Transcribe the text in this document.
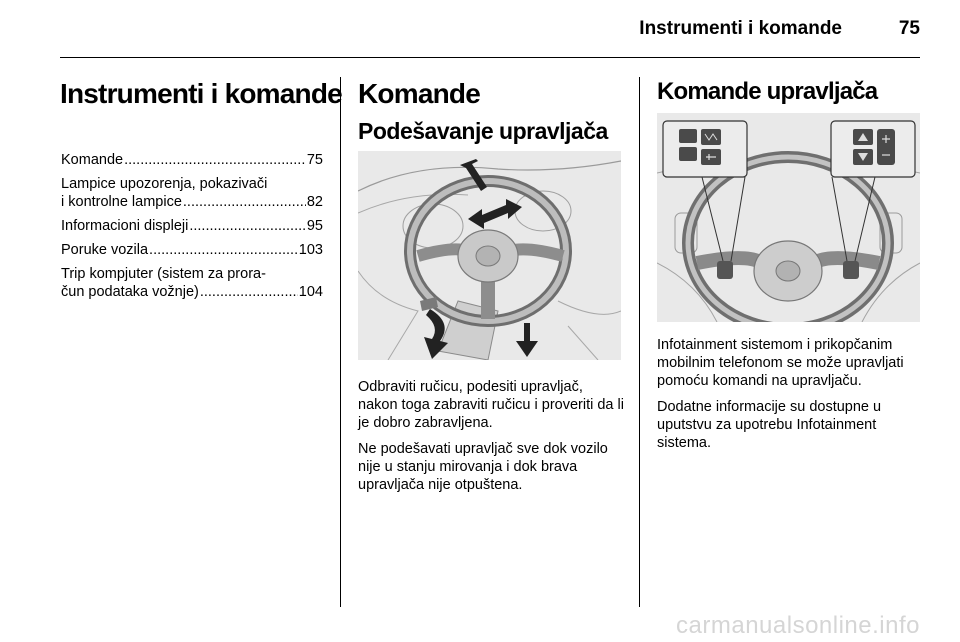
Instrumenti i komande	75
Instrumenti i komande
Komande .....	75
Lampice upozorenja, pokazivači
i kontrolne lampice .....	82
Informacioni displeji .....	95
Poruke vozila .....	103
Trip kompjuter (sistem za prora-
čun podataka vožnje) .....	104
Komande
Podešavanje upravljača

Odbraviti ručicu, podesiti upravljač, nakon toga zabraviti ručicu i proveriti da li je dobro zabravljena.

Ne podešavati upravljač sve dok vozilo nije u stanju mirovanja i dok brava upravljača nije otpuštena.

Komande upravljača

Infotainment sistemom i prikopčanim mobilnim telefonom se može upravljati pomoću komandi na upravljaču.

Dodatne informacije su dostupne u uputstvu za upotrebu Infotainment sistema.

carmanualsonline.info
